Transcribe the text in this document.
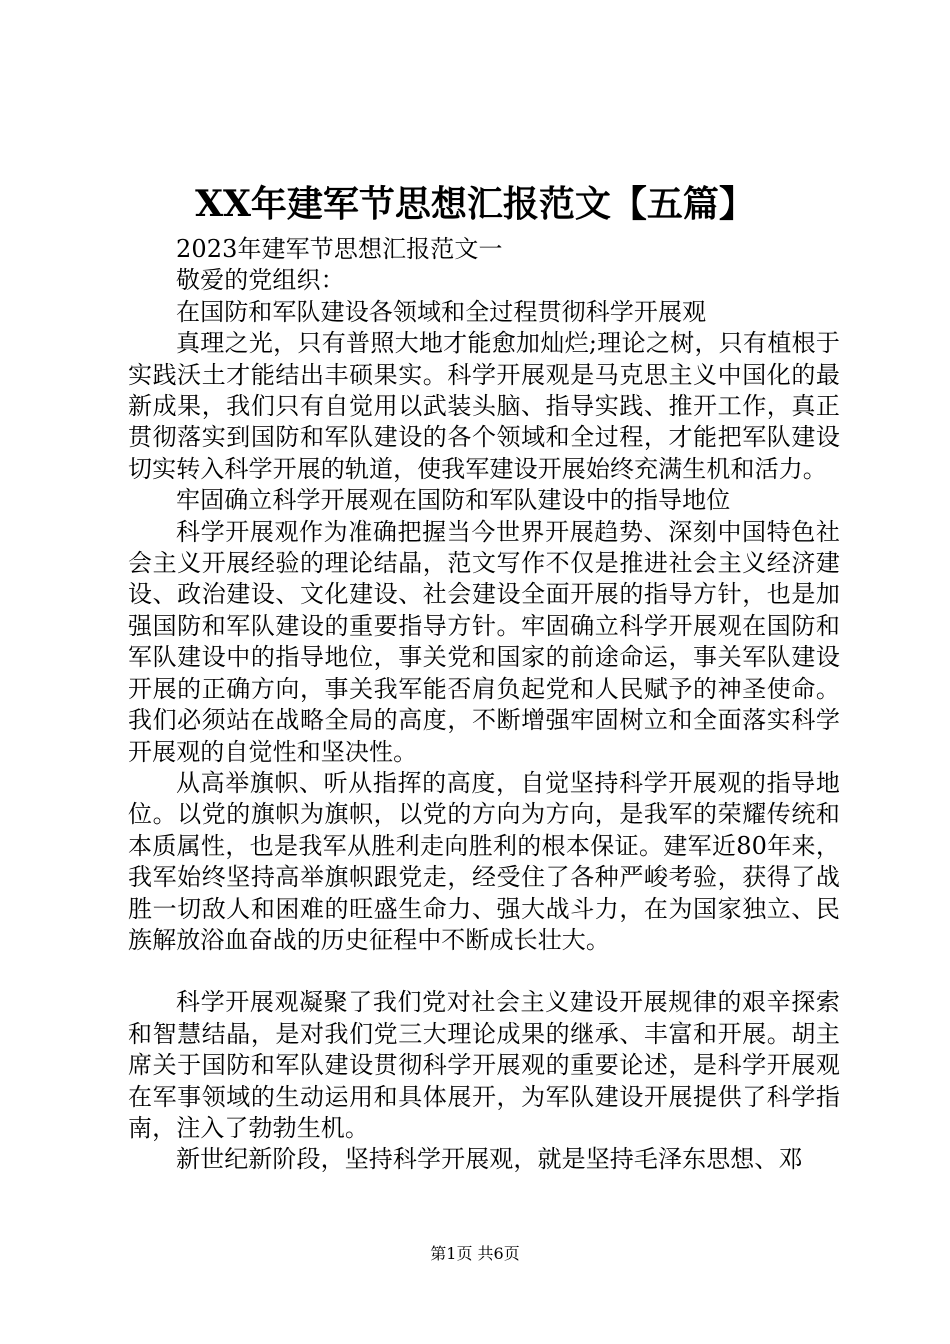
XX年建军节思想汇报范文【五篇】

2023年建军节思想汇报范文一

敬爱的党组织：

在国防和军队建设各领域和全过程贯彻科学开展观

真理之光，只有普照大地才能愈加灿烂;理论之树，只有植根于实践沃土才能结出丰硕果实。科学开展观是马克思主义中国化的最新成果，我们只有自觉用以武装头脑、指导实践、推开工作，真正贯彻落实到国防和军队建设的各个领域和全过程，才能把军队建设切实转入科学开展的轨道，使我军建设开展始终充满生机和活力。

牢固确立科学开展观在国防和军队建设中的指导地位

科学开展观作为准确把握当今世界开展趋势、深刻中国特色社会主义开展经验的理论结晶，范文写作不仅是推进社会主义经济建设、政治建设、文化建设、社会建设全面开展的指导方针，也是加强国防和军队建设的重要指导方针。牢固确立科学开展观在国防和军队建设中的指导地位，事关党和国家的前途命运，事关军队建设开展的正确方向，事关我军能否肩负起党和人民赋予的神圣使命。我们必须站在战略全局的高度，不断增强牢固树立和全面落实科学开展观的自觉性和坚决性。

从高举旗帜、听从指挥的高度，自觉坚持科学开展观的指导地位。以党的旗帜为旗帜，以党的方向为方向，是我军的荣耀传统和本质属性，也是我军从胜利走向胜利的根本保证。建军近80年来，我军始终坚持高举旗帜跟党走，经受住了各种严峻考验，获得了战胜一切敌人和困难的旺盛生命力、强大战斗力，在为国家独立、民族解放浴血奋战的历史征程中不断成长壮大。

科学开展观凝聚了我们党对社会主义建设开展规律的艰辛探索和智慧结晶，是对我们党三大理论成果的继承、丰富和开展。胡主席关于国防和军队建设贯彻科学开展观的重要论述，是科学开展观在军事领域的生动运用和具体展开，为军队建设开展提供了科学指南，注入了勃勃生机。

新世纪新阶段，坚持科学开展观，就是坚持毛泽东思想、邓

第1页 共6页
